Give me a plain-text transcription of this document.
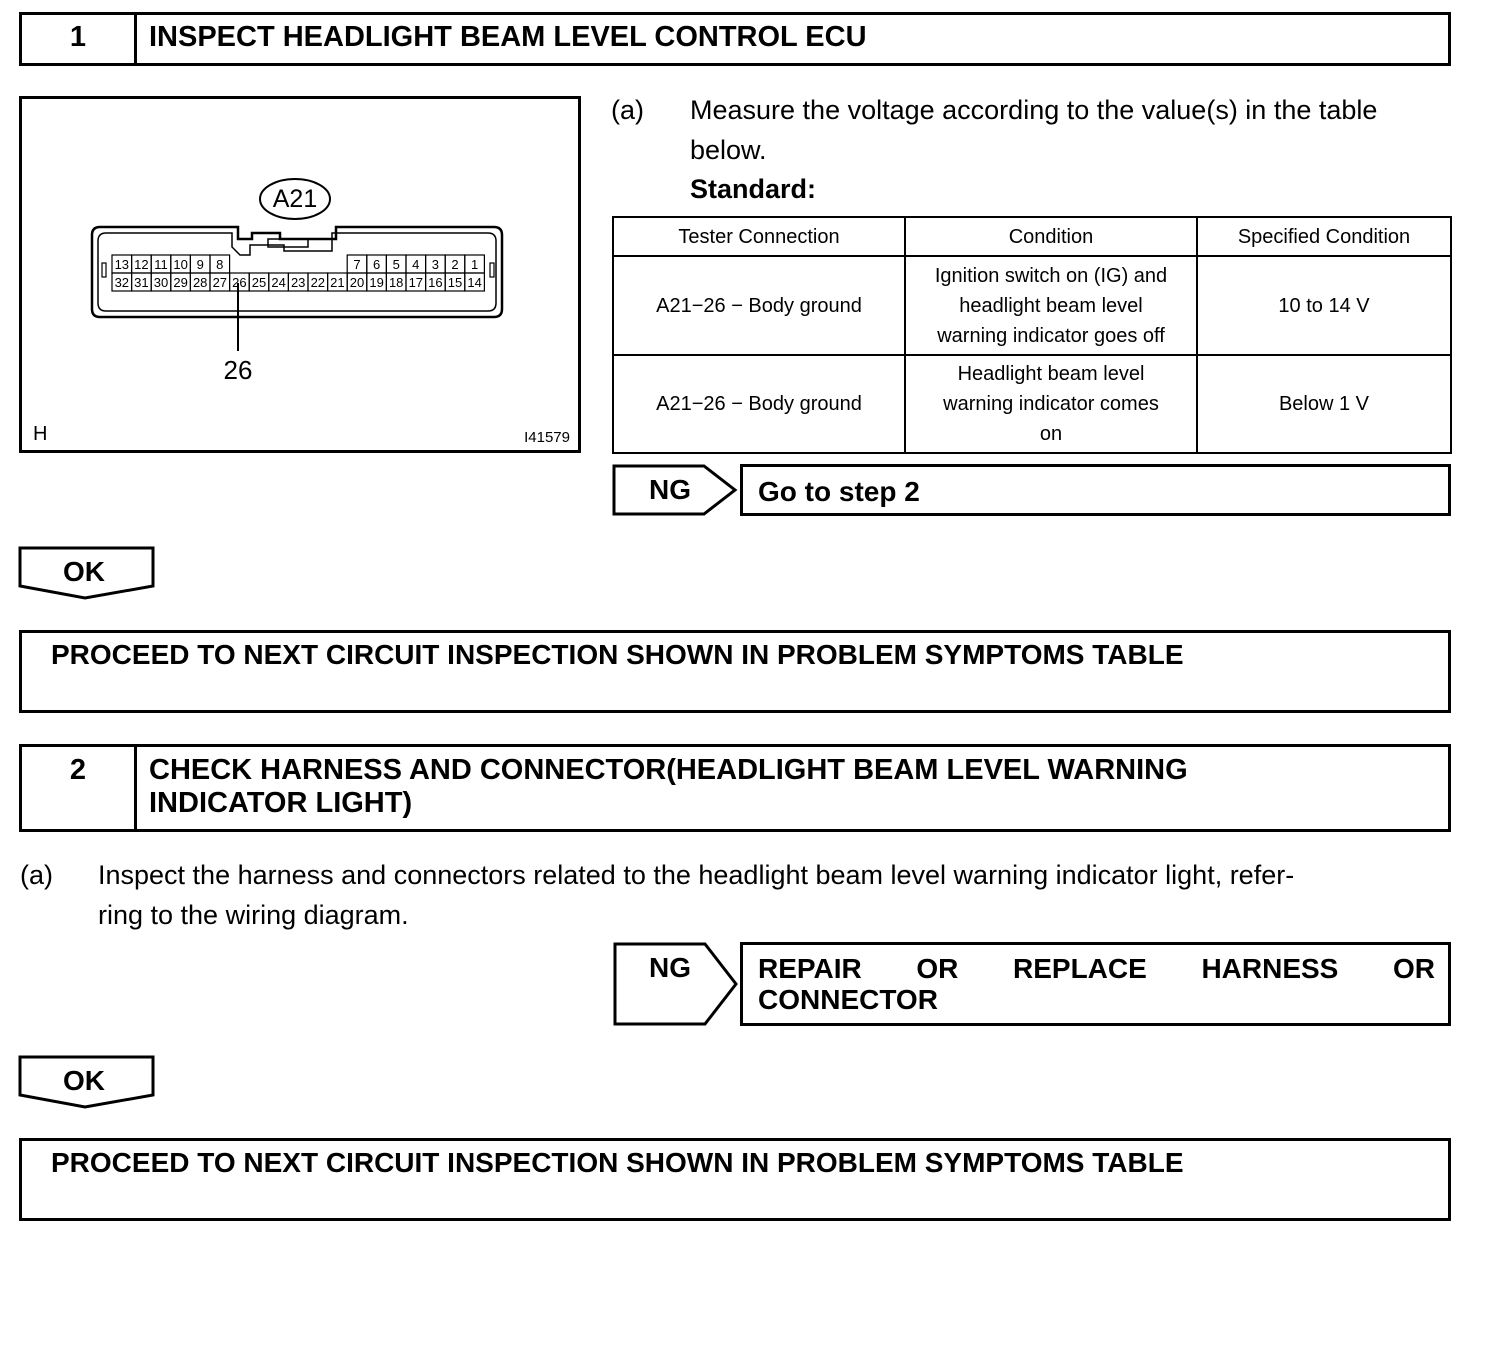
1	INSPECT HEADLIGHT BEAM LEVEL CONTROL ECU
13 12 11 10 9 8	7 6 5 4 3 2 1
32 31 30 29 28 27 26 25 24 23 22 21 20 19 18 17 16 15 14
A21
26
H	I41579
(a) Measure the voltage according to the value(s) in the table
below.
Standard:
Tester Connection	Condition	Specified Condition
A21−26 − Body ground	Ignition switch on (IG) and
headlight beam level
warning indicator goes off	10 to 14 V
A21−26 − Body ground	Headlight beam level
warning indicator comes
on	Below 1 V
NG	Go to step 2
OK
PROCEED TO NEXT CIRCUIT INSPECTION SHOWN IN PROBLEM SYMPTOMS TABLE
2	CHECK HARNESS AND CONNECTOR(HEADLIGHT BEAM LEVEL WARNING
INDICATOR LIGHT)
(a) Inspect the harness and connectors related to the headlight beam level warning indicator light, refer-
ring to the wiring diagram.
NG	REPAIR OR REPLACE HARNESS OR
CONNECTOR
OK
PROCEED TO NEXT CIRCUIT INSPECTION SHOWN IN PROBLEM SYMPTOMS TABLE
